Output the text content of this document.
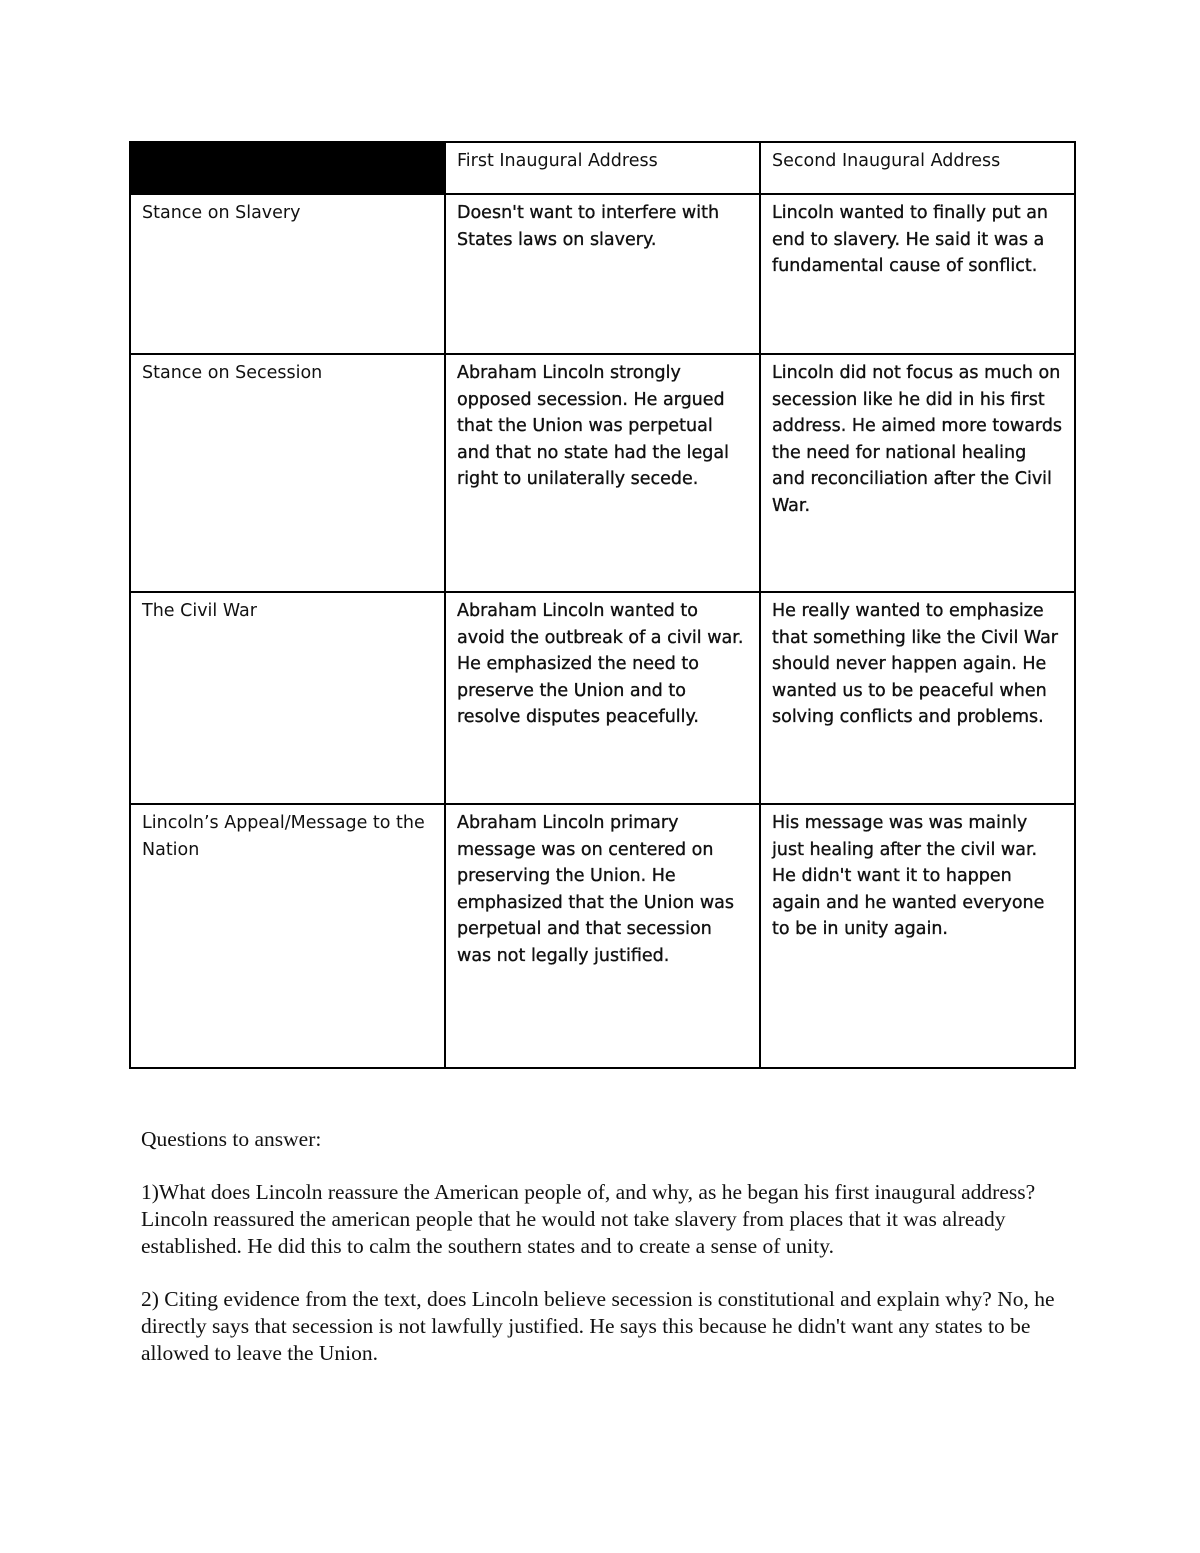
	First Inaugural Address	Second Inaugural Address
Stance on Slavery	Doesn't want to interfere with States laws on slavery.	Lincoln wanted to finally put an end to slavery. He said it was a fundamental cause of sonflict.
Stance on Secession	Abraham Lincoln strongly opposed secession. He argued that the Union was perpetual and that no state had the legal right to unilaterally secede.	Lincoln did not focus as much on secession like he did in his first address. He aimed more towards the need for national healing and reconciliation after the Civil War.
The Civil War	Abraham Lincoln wanted to avoid the outbreak of a civil war. He emphasized the need to preserve the Union and to resolve disputes peacefully.	He really wanted to emphasize that something like the Civil War should never happen again. He wanted us to be peaceful when solving conflicts and problems.
Lincoln’s Appeal/Message to the Nation	Abraham Lincoln primary message was on centered on preserving the Union. He emphasized that the Union was perpetual and that secession was not legally justified.	His message was was mainly just healing after the civil war. He didn't want it to happen again and he wanted everyone to be in unity again.

Questions to answer:

1)What does Lincoln reassure the American people of, and why, as he began his first inaugural address? Lincoln reassured the american people that he would not take slavery from places that it was already established. He did this to calm the southern states and to create a sense of unity.

2) Citing evidence from the text, does Lincoln believe secession is constitutional and explain why? No, he directly says that secession is not lawfully justified. He says this because he didn't want any states to be allowed to leave the Union.
